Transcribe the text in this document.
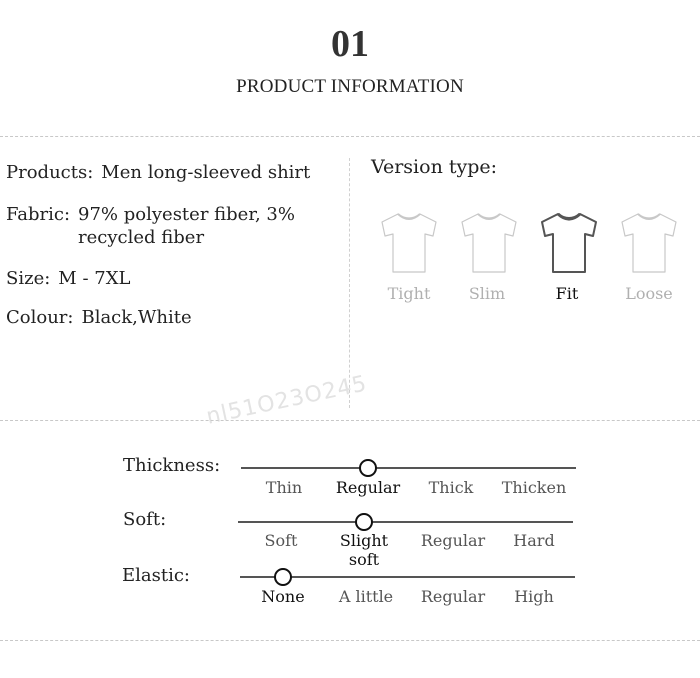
01
PRODUCT INFORMATION
Products: Men long-sleeved shirt
Fabric: 97% polyester fiber, 3% recycled fiber
Size: M - 7XL
Colour: Black,White
Version type:
Tight	Slim	Fit	Loose
nl51O23O245
Thickness:
Thin	Regular	Thick	Thicken
Soft:
Soft	Slight soft
Regular	Hard
Elastic:
None	A little	Regular	High
